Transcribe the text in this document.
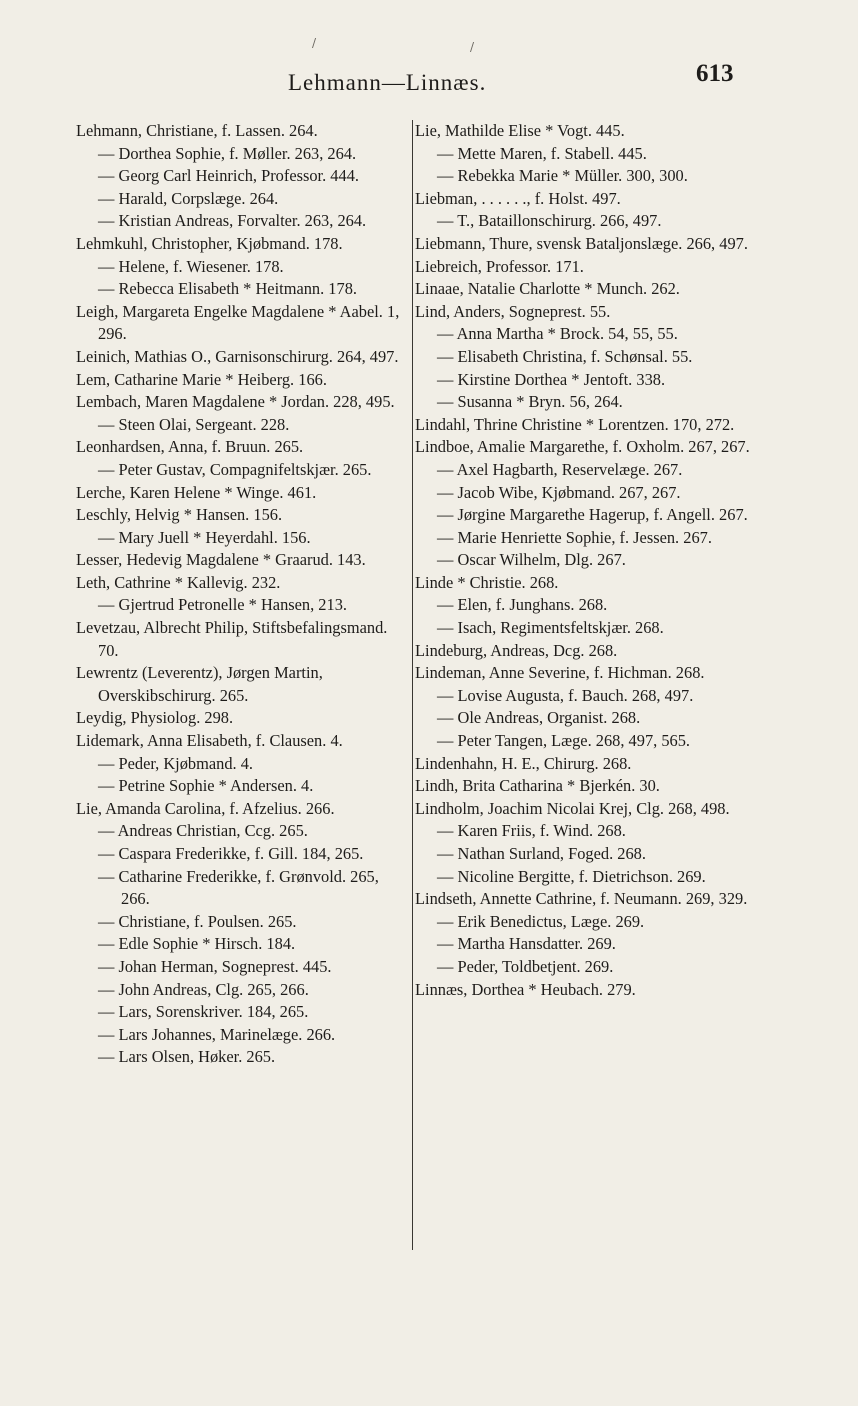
/	/
Lehmann—Linnæs.	613

Lehmann, Christiane, f. Lassen. 264.

— Dorthea Sophie, f. Møller. 263, 264.

— Georg Carl Heinrich, Professor. 444.

— Harald, Corpslæge. 264.

— Kristian Andreas, Forvalter. 263, 264.

Lehmkuhl, Christopher, Kjøbmand. 178.

— Helene, f. Wiesener. 178.

— Rebecca Elisabeth * Heitmann. 178.

Leigh, Margareta Engelke Magdalene * Aabel. 1, 296.

Leinich, Mathias O., Garnisonschirurg. 264, 497.

Lem, Catharine Marie * Heiberg. 166.

Lembach, Maren Magdalene * Jordan. 228, 495.

— Steen Olai, Sergeant. 228.

Leonhardsen, Anna, f. Bruun. 265.

— Peter Gustav, Compagnifeltskjær. 265.

Lerche, Karen Helene * Winge. 461.

Leschly, Helvig * Hansen. 156.

— Mary Juell * Heyerdahl. 156.

Lesser, Hedevig Magdalene * Graarud. 143.

Leth, Cathrine * Kallevig. 232.

— Gjertrud Petronelle * Hansen, 213.

Levetzau, Albrecht Philip, Stiftsbefalingsmand. 70.

Lewrentz (Leverentz), Jørgen Martin, Overskibschirurg. 265.

Leydig, Physiolog. 298.

Lidemark, Anna Elisabeth, f. Clausen. 4.

— Peder, Kjøbmand. 4.

— Petrine Sophie * Andersen. 4.

Lie, Amanda Carolina, f. Afzelius. 266.

— Andreas Christian, Ccg. 265.

— Caspara Frederikke, f. Gill. 184, 265.

— Catharine Frederikke, f. Grønvold. 265, 266.

— Christiane, f. Poulsen. 265.

— Edle Sophie * Hirsch. 184.

— Johan Herman, Sogneprest. 445.

— John Andreas, Clg. 265, 266.

— Lars, Sorenskriver. 184, 265.

— Lars Johannes, Marinelæge. 266.

— Lars Olsen, Høker. 265.

Lie, Mathilde Elise * Vogt. 445.

— Mette Maren, f. Stabell. 445.

— Rebekka Marie * Müller. 300, 300.

Liebman, . . . . . ., f. Holst. 497.

— T., Bataillonschirurg. 266, 497.

Liebmann, Thure, svensk Bataljonslæge. 266, 497.

Liebreich, Professor. 171.

Linaae, Natalie Charlotte * Munch. 262.

Lind, Anders, Sogneprest. 55.

— Anna Martha * Brock. 54, 55, 55.

— Elisabeth Christina, f. Schønsal. 55.

— Kirstine Dorthea * Jentoft. 338.

— Susanna * Bryn. 56, 264.

Lindahl, Thrine Christine * Lorentzen. 170, 272.

Lindboe, Amalie Margarethe, f. Oxholm. 267, 267.

— Axel Hagbarth, Reservelæge. 267.

— Jacob Wibe, Kjøbmand. 267, 267.

— Jørgine Margarethe Hagerup, f. Angell. 267.

— Marie Henriette Sophie, f. Jessen. 267.

— Oscar Wilhelm, Dlg. 267.

Linde * Christie. 268.

— Elen, f. Junghans. 268.

— Isach, Regimentsfeltskjær. 268.

Lindeburg, Andreas, Dcg. 268.

Lindeman, Anne Severine, f. Hichman. 268.

— Lovise Augusta, f. Bauch. 268, 497.

— Ole Andreas, Organist. 268.

— Peter Tangen, Læge. 268, 497, 565.

Lindenhahn, H. E., Chirurg. 268.

Lindh, Brita Catharina * Bjerkén. 30.

Lindholm, Joachim Nicolai Krej, Clg. 268, 498.

— Karen Friis, f. Wind. 268.

— Nathan Surland, Foged. 268.

— Nicoline Bergitte, f. Dietrichson. 269.

Lindseth, Annette Cathrine, f. Neumann. 269, 329.

— Erik Benedictus, Læge. 269.

— Martha Hansdatter. 269.

— Peder, Toldbetjent. 269.

Linnæs, Dorthea * Heubach. 279.
